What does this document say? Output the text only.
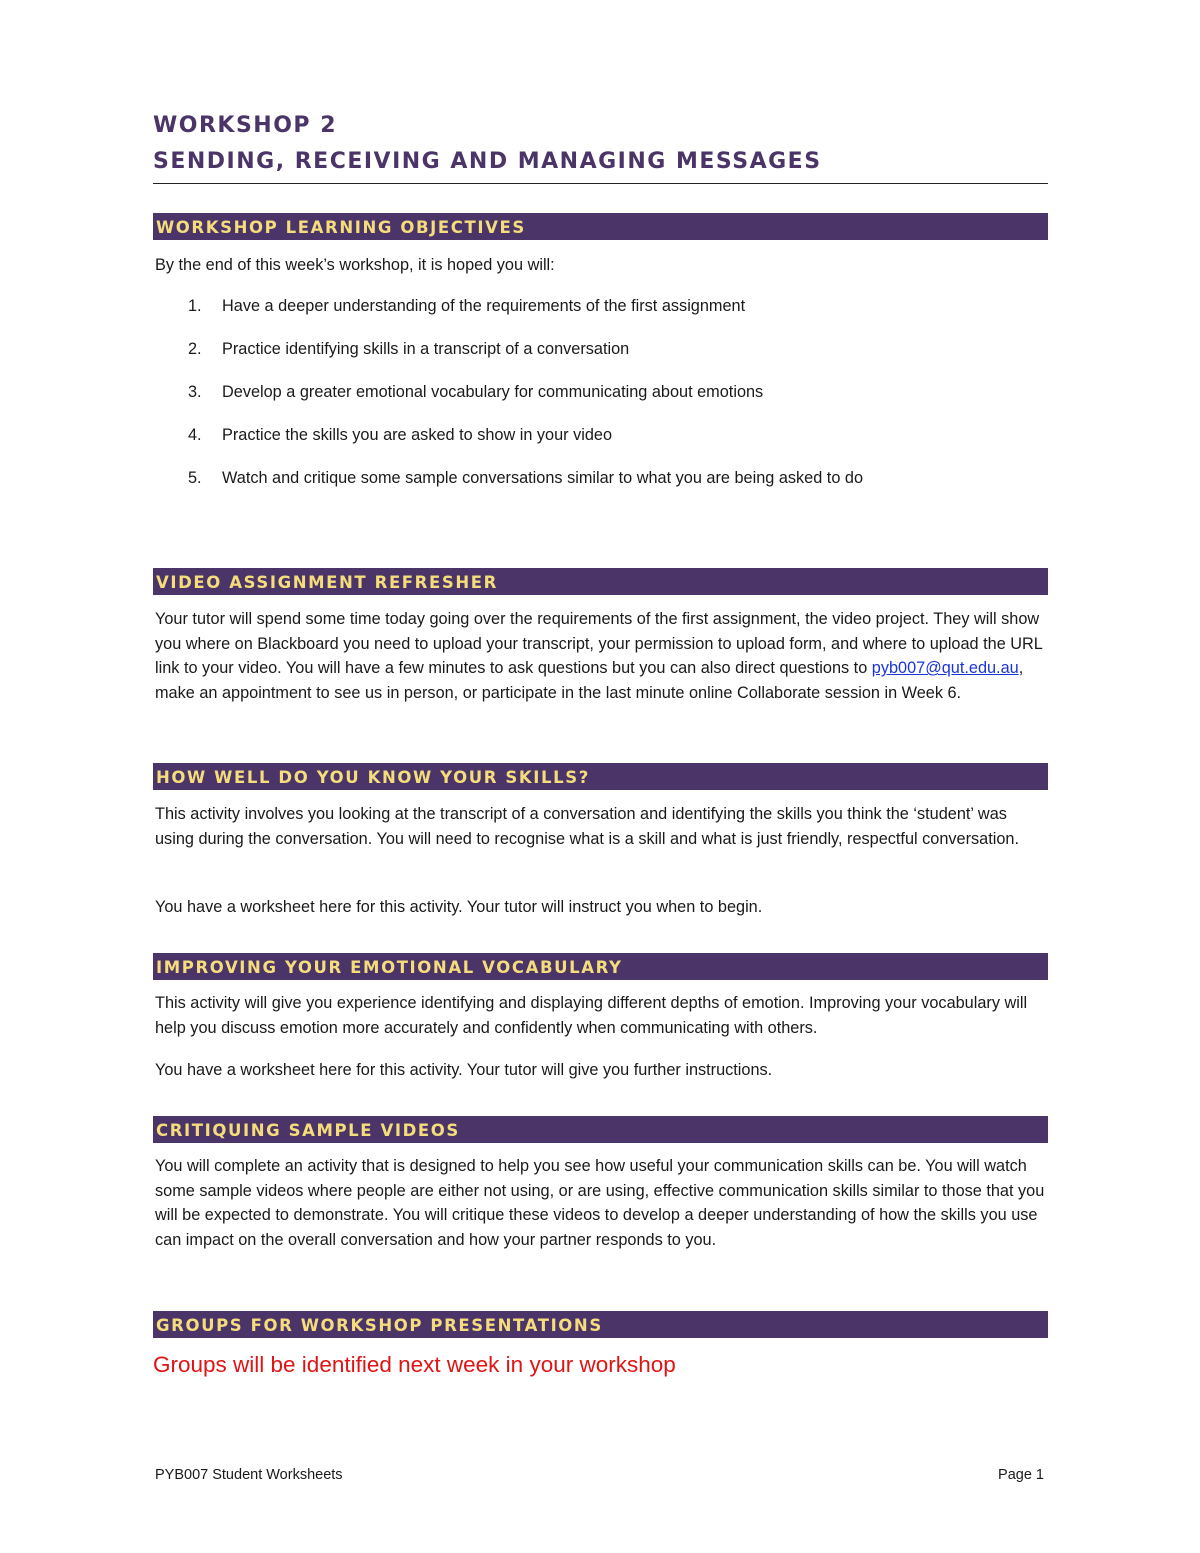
WORKSHOP 2
SENDING, RECEIVING AND MANAGING MESSAGES
WORKSHOP LEARNING OBJECTIVES
By the end of this week’s workshop, it is hoped you will:
1. Have a deeper understanding of the requirements of the first assignment
2. Practice identifying skills in a transcript of a conversation
3. Develop a greater emotional vocabulary for communicating about emotions
4. Practice the skills you are asked to show in your video
5. Watch and critique some sample conversations similar to what you are being asked to do
VIDEO ASSIGNMENT REFRESHER
Your tutor will spend some time today going over the requirements of the first assignment, the video project. They will show you where on Blackboard you need to upload your transcript, your permission to upload form, and where to upload the URL link to your video. You will have a few minutes to ask questions but you can also direct questions to pyb007@qut.edu.au, make an appointment to see us in person, or participate in the last minute online Collaborate session in Week 6.
HOW WELL DO YOU KNOW YOUR SKILLS?
This activity involves you looking at the transcript of a conversation and identifying the skills you think the ‘student’ was using during the conversation. You will need to recognise what is a skill and what is just friendly, respectful conversation.
You have a worksheet here for this activity. Your tutor will instruct you when to begin.
IMPROVING YOUR EMOTIONAL VOCABULARY
This activity will give you experience identifying and displaying different depths of emotion. Improving your vocabulary will help you discuss emotion more accurately and confidently when communicating with others.
You have a worksheet here for this activity. Your tutor will give you further instructions.
CRITIQUING SAMPLE VIDEOS
You will complete an activity that is designed to help you see how useful your communication skills can be. You will watch some sample videos where people are either not using, or are using, effective communication skills similar to those that you will be expected to demonstrate. You will critique these videos to develop a deeper understanding of how the skills you use can impact on the overall conversation and how your partner responds to you.
GROUPS FOR WORKSHOP PRESENTATIONS
Groups will be identified next week in your workshop
PYB007 Student Worksheets	Page 1
